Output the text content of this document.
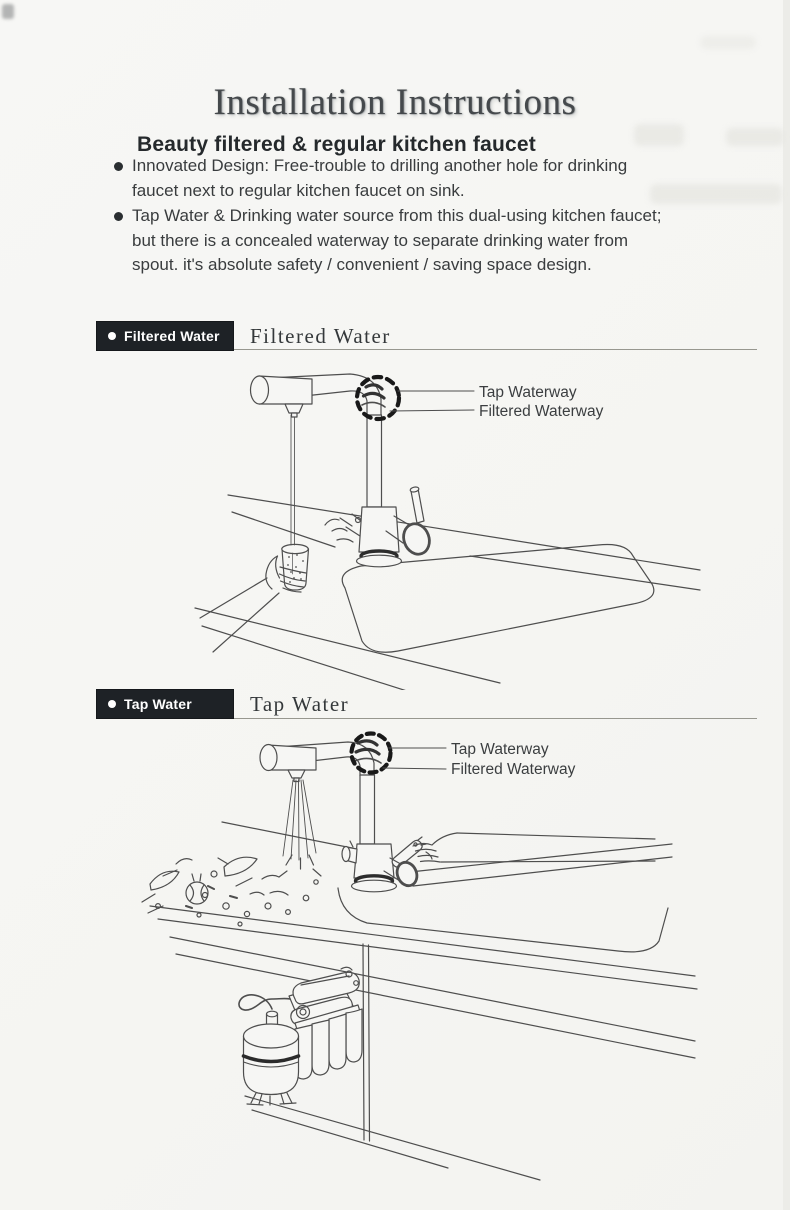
Installation Instructions
Beauty filtered & regular kitchen faucet
Innovated Design: Free-trouble to drilling another hole for drinking faucet next to regular kitchen faucet on sink.
Tap Water & Drinking water source from this dual-using kitchen faucet; but there is a concealed waterway to separate drinking water from spout. it's absolute safety / convenient / saving space design.
Filtered Water Filtered Water
Tap Waterway
Filtered Waterway
Tap Water	Tap Water
Tap Waterway
Filtered Waterway
